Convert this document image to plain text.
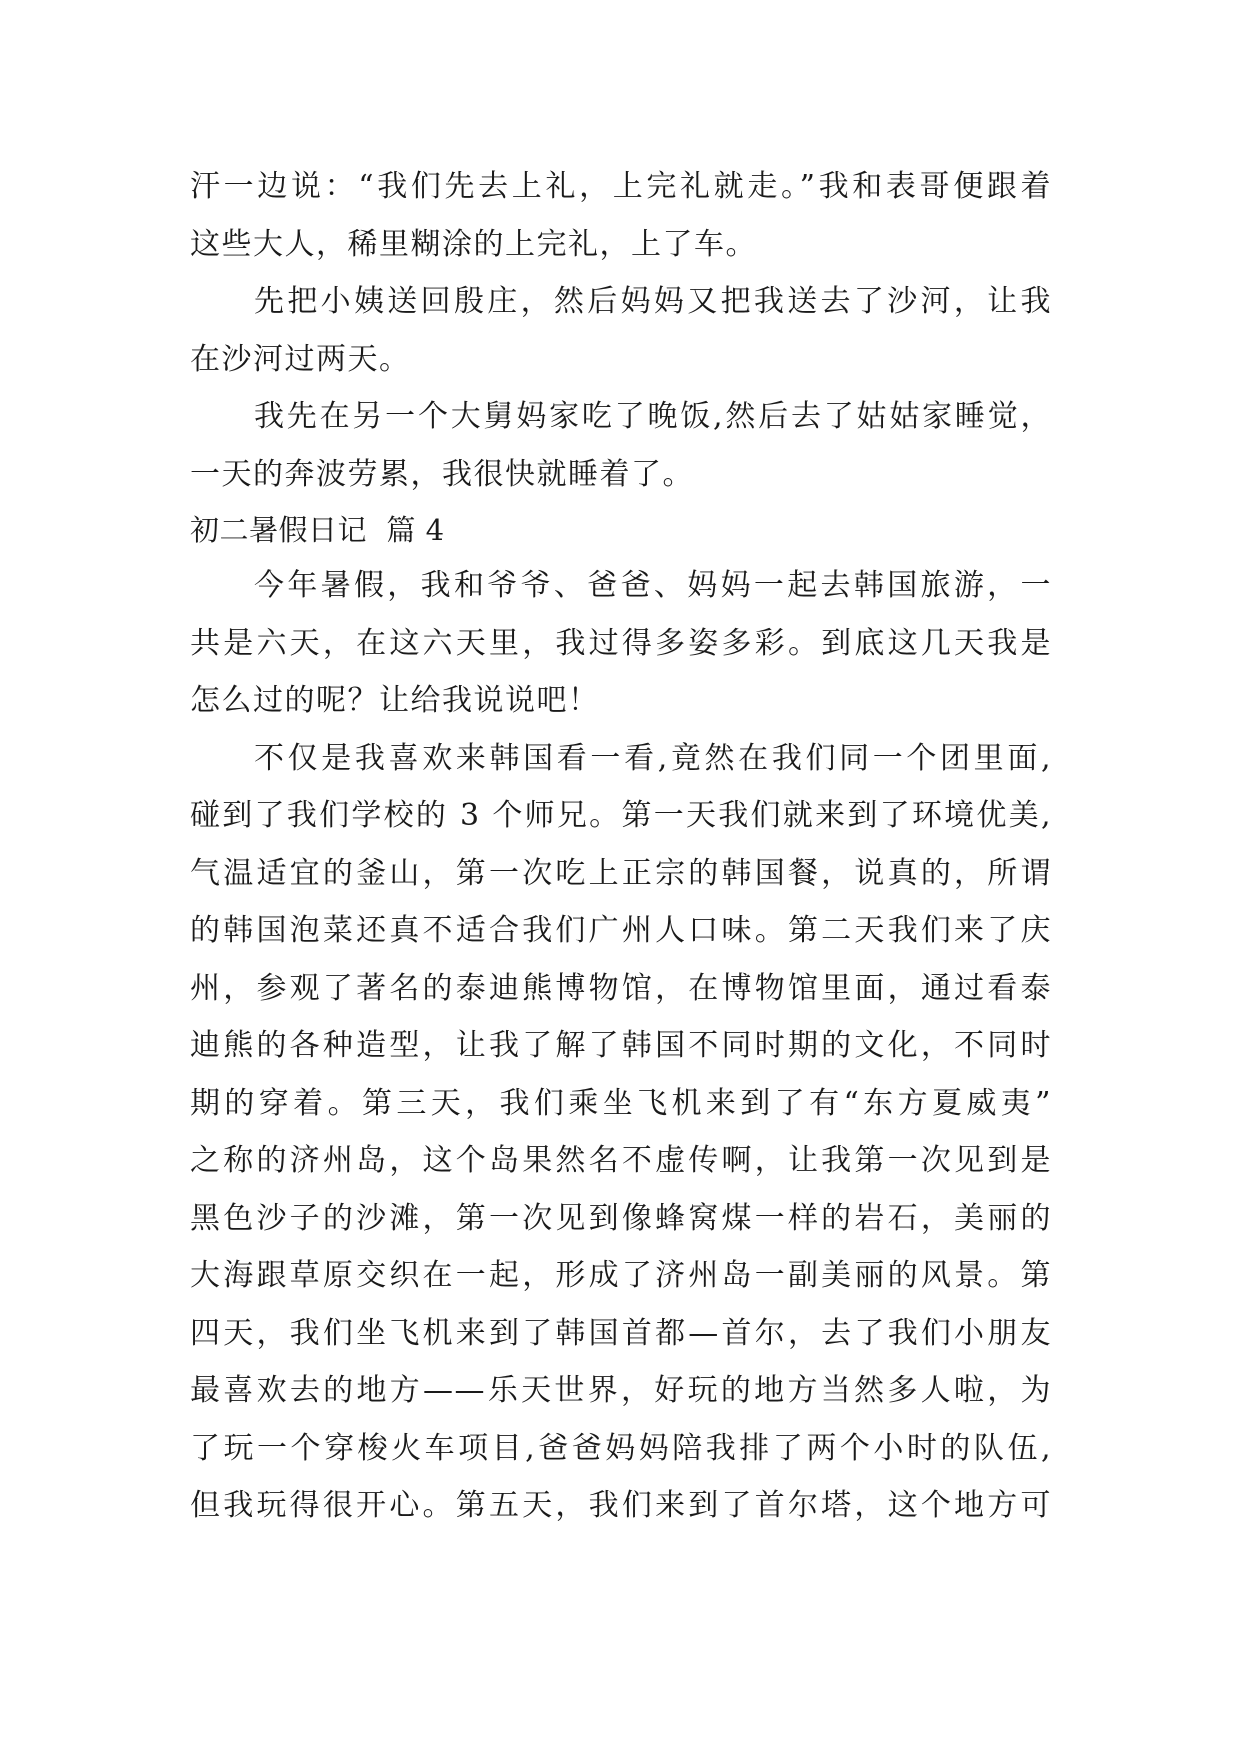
汗一边说：“我们先去上礼，上完礼就走。”我和表哥便跟着
这些大人，稀里糊涂的上完礼，上了车。
先把小姨送回殷庄，然后妈妈又把我送去了沙河，让我
在沙河过两天。
我先在另一个大舅妈家吃了晚饭,然后去了姑姑家睡觉，
一天的奔波劳累，我很快就睡着了。
初二暑假日记  篇 4
今年暑假，我和爷爷、爸爸、妈妈一起去韩国旅游，一
共是六天，在这六天里，我过得多姿多彩。到底这几天我是
怎么过的呢？让给我说说吧！
不仅是我喜欢来韩国看一看,竟然在我们同一个团里面,
碰到了我们学校的 3 个师兄。第一天我们就来到了环境优美,
气温适宜的釜山，第一次吃上正宗的韩国餐，说真的，所谓
的韩国泡菜还真不适合我们广州人口味。第二天我们来了庆
州，参观了著名的泰迪熊博物馆，在博物馆里面，通过看泰
迪熊的各种造型，让我了解了韩国不同时期的文化，不同时
期的穿着。第三天，我们乘坐飞机来到了有“东方夏威夷”
之称的济州岛，这个岛果然名不虚传啊，让我第一次见到是
黑色沙子的沙滩，第一次见到像蜂窝煤一样的岩石，美丽的
大海跟草原交织在一起，形成了济州岛一副美丽的风景。第
四天，我们坐飞机来到了韩国首都—首尔，去了我们小朋友
最喜欢去的地方——乐天世界，好玩的地方当然多人啦，为
了玩一个穿梭火车项目,爸爸妈妈陪我排了两个小时的队伍,
但我玩得很开心。第五天，我们来到了首尔塔，这个地方可
